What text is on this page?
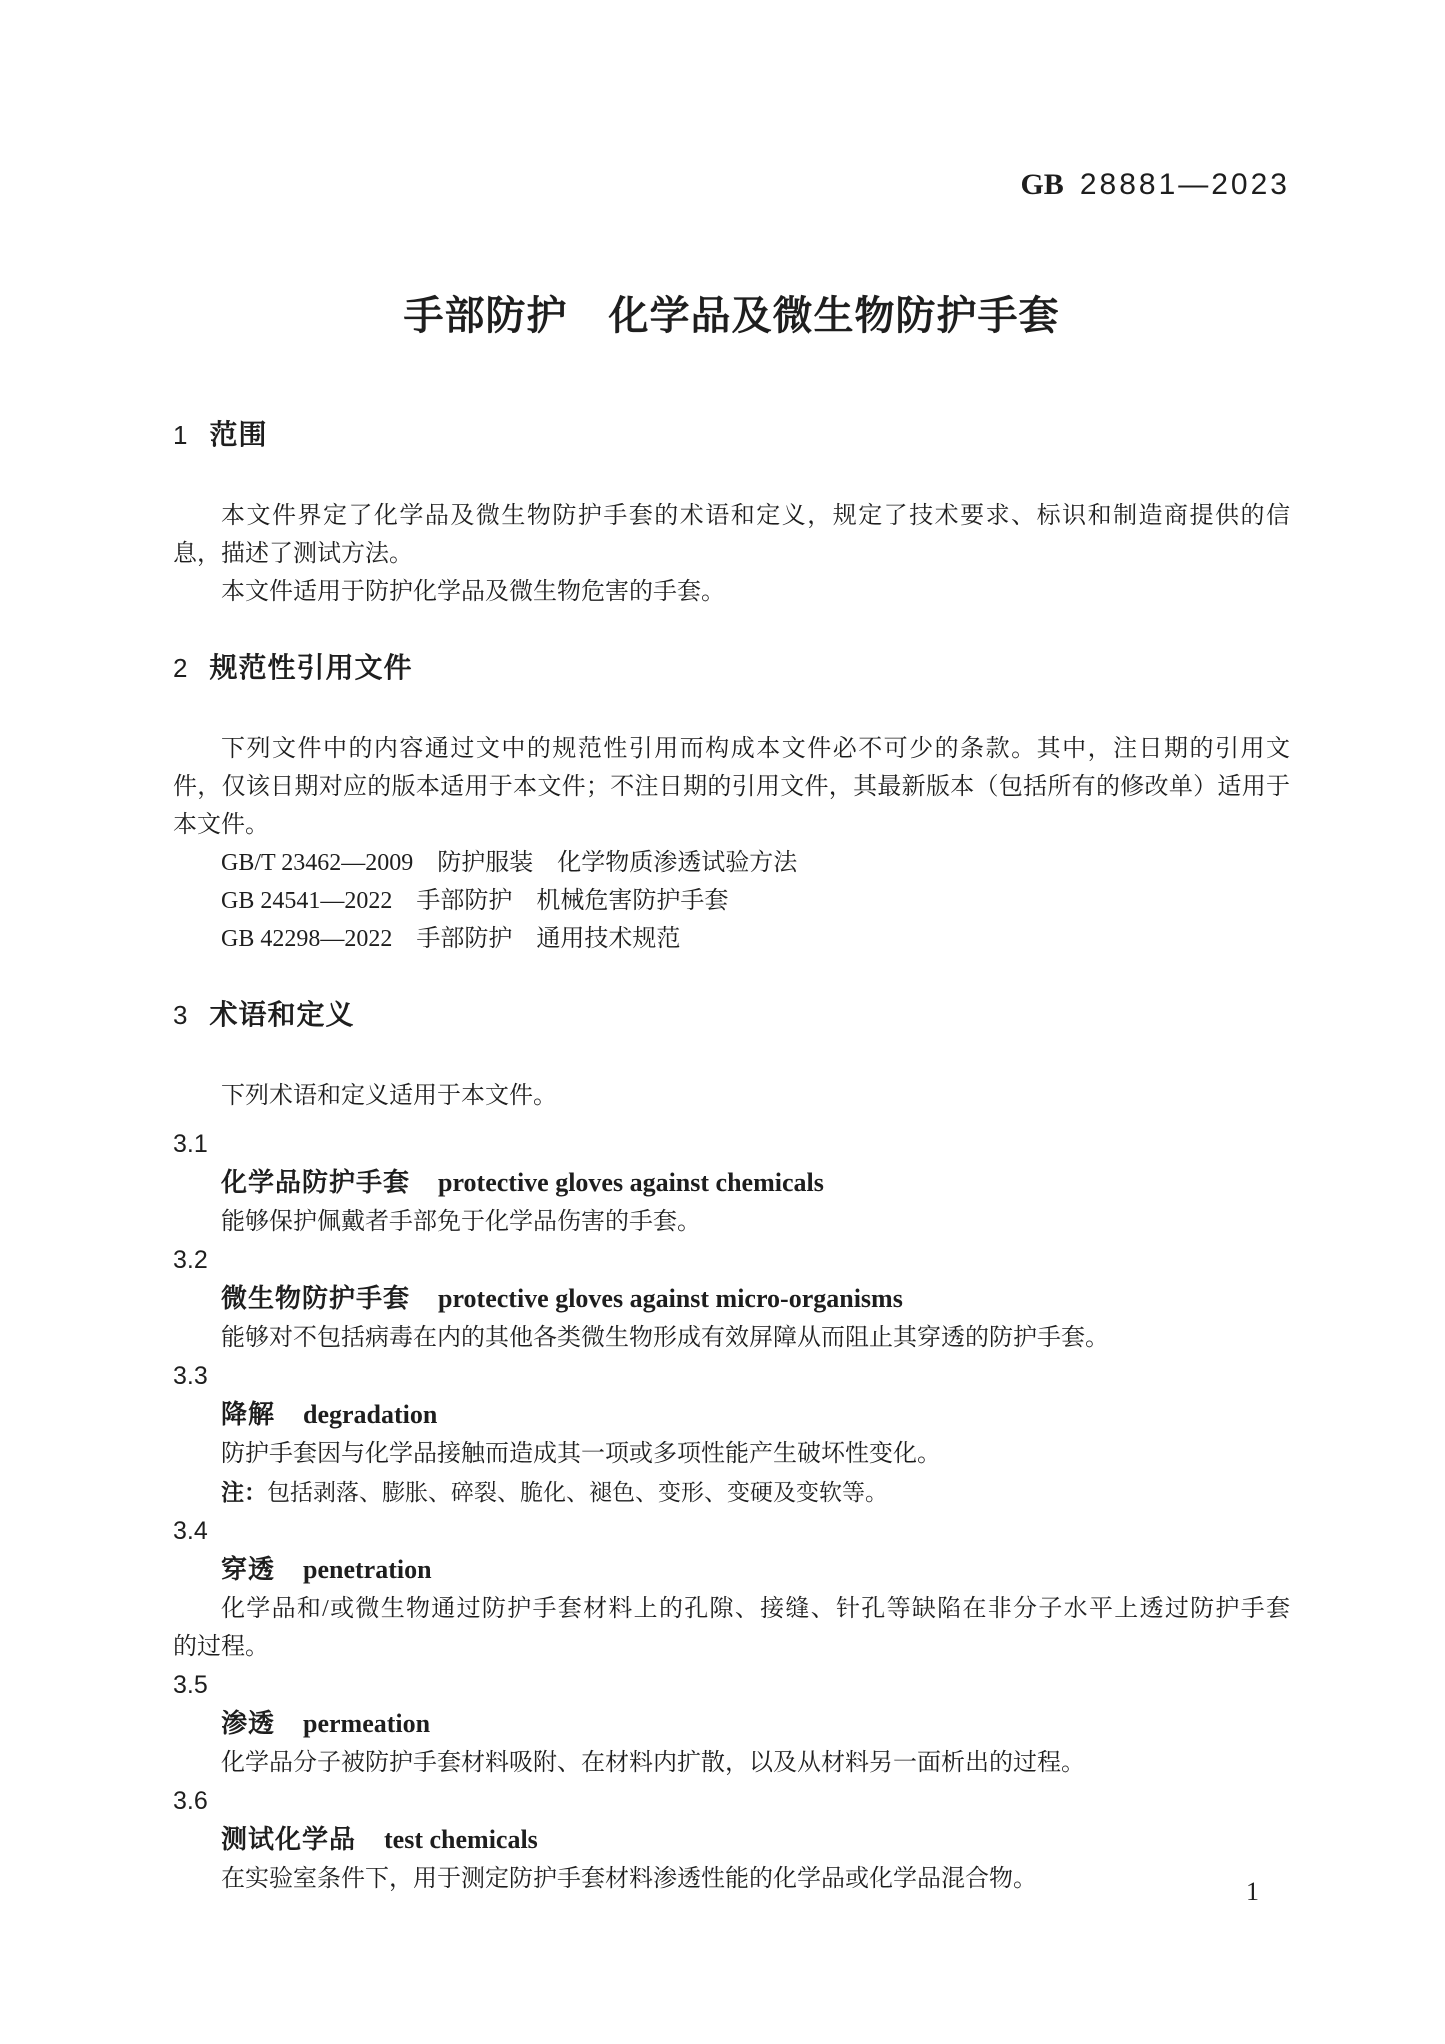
GB 28881—2023
手部防护　化学品及微生物防护手套
1 范围
本文件界定了化学品及微生物防护手套的术语和定义，规定了技术要求、标识和制造商提供的信
息，描述了测试方法。
本文件适用于防护化学品及微生物危害的手套。
2 规范性引用文件
下列文件中的内容通过文中的规范性引用而构成本文件必不可少的条款。其中，注日期的引用文
件，仅该日期对应的版本适用于本文件；不注日期的引用文件，其最新版本（包括所有的修改单）适用于
本文件。
GB/T 23462—2009　防护服装　化学物质渗透试验方法
GB 24541—2022　手部防护　机械危害防护手套
GB 42298—2022　手部防护　通用技术规范
3 术语和定义
下列术语和定义适用于本文件。
3.1
化学品防护手套 protective gloves against chemicals
能够保护佩戴者手部免于化学品伤害的手套。
3.2
微生物防护手套 protective gloves against micro-organisms
能够对不包括病毒在内的其他各类微生物形成有效屏障从而阻止其穿透的防护手套。
3.3
降解 degradation
防护手套因与化学品接触而造成其一项或多项性能产生破坏性变化。
注：包括剥落、膨胀、碎裂、脆化、褪色、变形、变硬及变软等。
3.4
穿透 penetration
化学品和/或微生物通过防护手套材料上的孔隙、接缝、针孔等缺陷在非分子水平上透过防护手套
的过程。
3.5
渗透 permeation
化学品分子被防护手套材料吸附、在材料内扩散，以及从材料另一面析出的过程。
3.6
测试化学品 test chemicals
在实验室条件下，用于测定防护手套材料渗透性能的化学品或化学品混合物。	1
